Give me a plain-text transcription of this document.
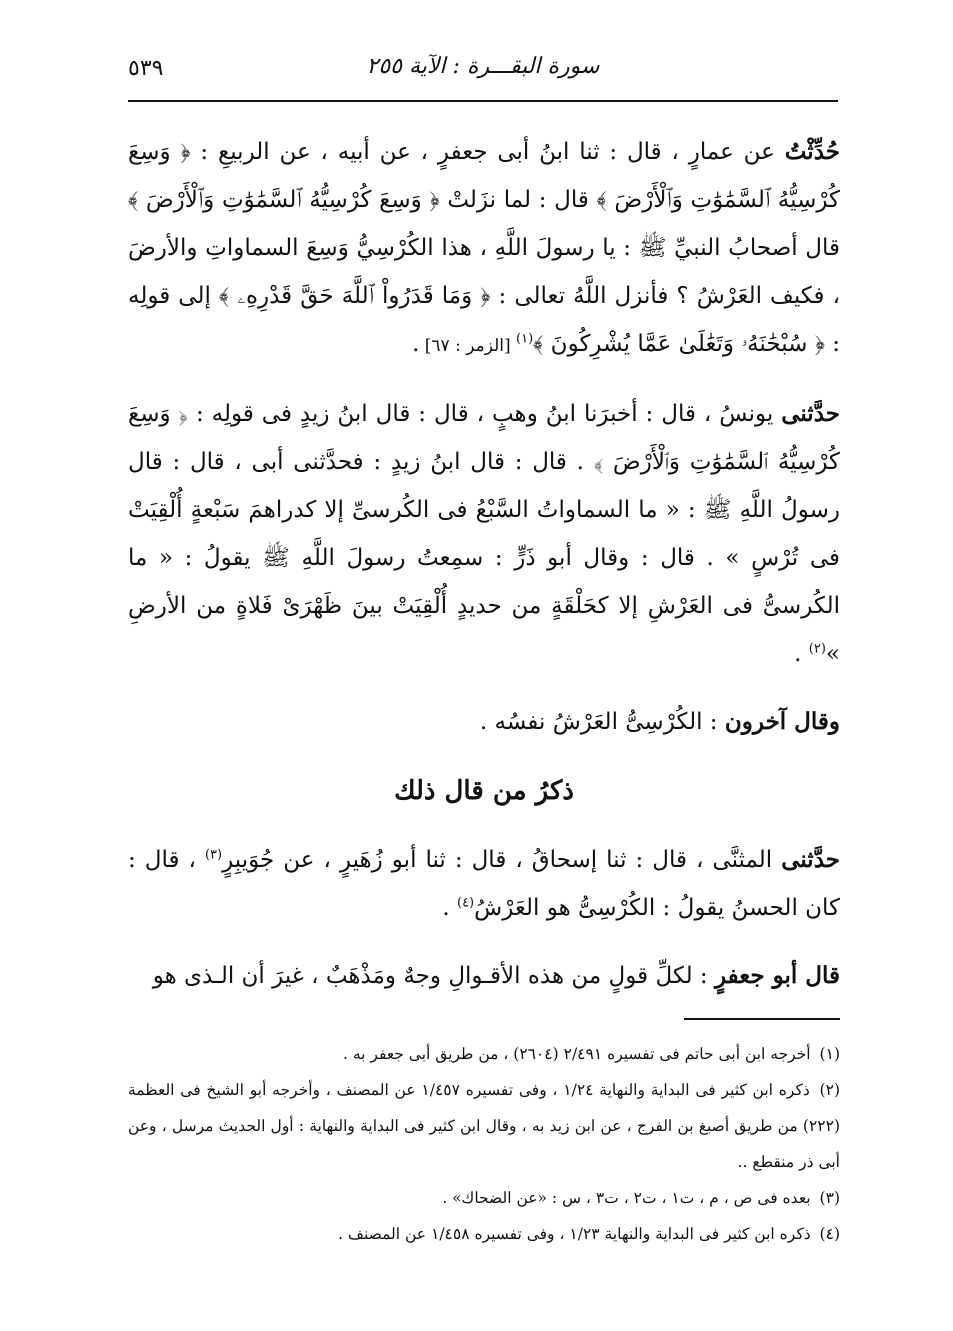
سورة البقـــرة : الآية ٢٥٥
٥٣٩

حُدِّثْتُ عن عمارٍ ، قال : ثنا ابنُ أبى جعفرٍ ، عن أبيه ، عن الربيعِ : ﴿ وَسِعَ كُرْسِيُّهُ ٱلسَّمَٰوَٰتِ وَٱلْأَرْضَ ﴾ قال : لما نزَلتْ ﴿ وَسِعَ كُرْسِيُّهُ ٱلسَّمَٰوَٰتِ وَٱلْأَرْضَ ﴾ قال أصحابُ النبيِّ ﷺ : يا رسولَ اللَّهِ ، هذا الكُرْسِيُّ وَسِعَ السماواتِ والأرضَ ، فكيف العَرْشُ ؟ فأنزل اللَّهُ تعالى : ﴿ وَمَا قَدَرُواْ ٱللَّهَ حَقَّ قَدْرِهِۦ ﴾ إلى قولِه : ﴿ سُبْحَٰنَهُۥ وَتَعَٰلَىٰ عَمَّا يُشْرِكُونَ ﴾$^{(١)}$ [الزمر : ٦٧] .

حدَّثنى يونسُ ، قال : أخبرَنا ابنُ وهبٍ ، قال : قال ابنُ زيدٍ فى قولِه : ﴿ وَسِعَ كُرْسِيُّهُ ٱلسَّمَٰوَٰتِ وَٱلْأَرْضَ ﴾ . قال : قال ابنُ زيدٍ : فحدَّثنى أبى ، قال : قال رسولُ اللَّهِ ﷺ : « ما السماواتُ السَّبْعُ فى الكُرسىِّ إلا كدراهمَ سَبْعةٍ أُلْقِيَتْ فى تُرْسٍ » . قال : وقال أبو ذَرٍّ : سمِعتُ رسولَ اللَّهِ ﷺ يقولُ : « ما الكُرسىُّ فى العَرْشِ إلا كحَلْقَةٍ من حديدٍ أُلْقِيَتْ بينَ ظَهْرَىْ فَلاةٍ من الأرضِ »$^{(٢)}$ .

وقال آخرون : الكُرْسِىُّ العَرْشُ نفسُه .

ذكرُ من قال ذلك

حدَّثنى المثنَّى ، قال : ثنا إسحاقُ ، قال : ثنا أبو زُهَيرٍ ، عن جُوَيبِرٍ$^{(٣)}$ ، قال : كان الحسنُ يقولُ : الكُرْسِىُّ هو العَرْشُ$^{(٤)}$ .

قال أبو جعفرٍ : لكلِّ قولٍ من هذه الأقـوالِ وجهٌ ومَذْهَبٌ ، غيرَ أن الـذى هو

(١) أخرجه ابن أبى حاتم فى تفسيره ٢/٤٩١ (٢٦٠٤) ، من طريق أبى جعفر به .

(٢) ذكره ابن كثير فى البداية والنهاية ١/٢٤ ، وفى تفسيره ١/٤٥٧ عن المصنف ، وأخرجه أبو الشيخ فى العظمة (٢٢٢) من طريق أصبغ بن الفرج ، عن ابن زيد به ، وقال ابن كثير فى البداية والنهاية : أول الحديث مرسل ، وعن أبى ذر منقطع ..

(٣) بعده فى ص ، م ، ت١ ، ت٢ ، ت٣ ، س : «عن الضحاك» .

(٤) ذكره ابن كثير فى البداية والنهاية ١/٢٣ ، وفى تفسيره ١/٤٥٨ عن المصنف .
